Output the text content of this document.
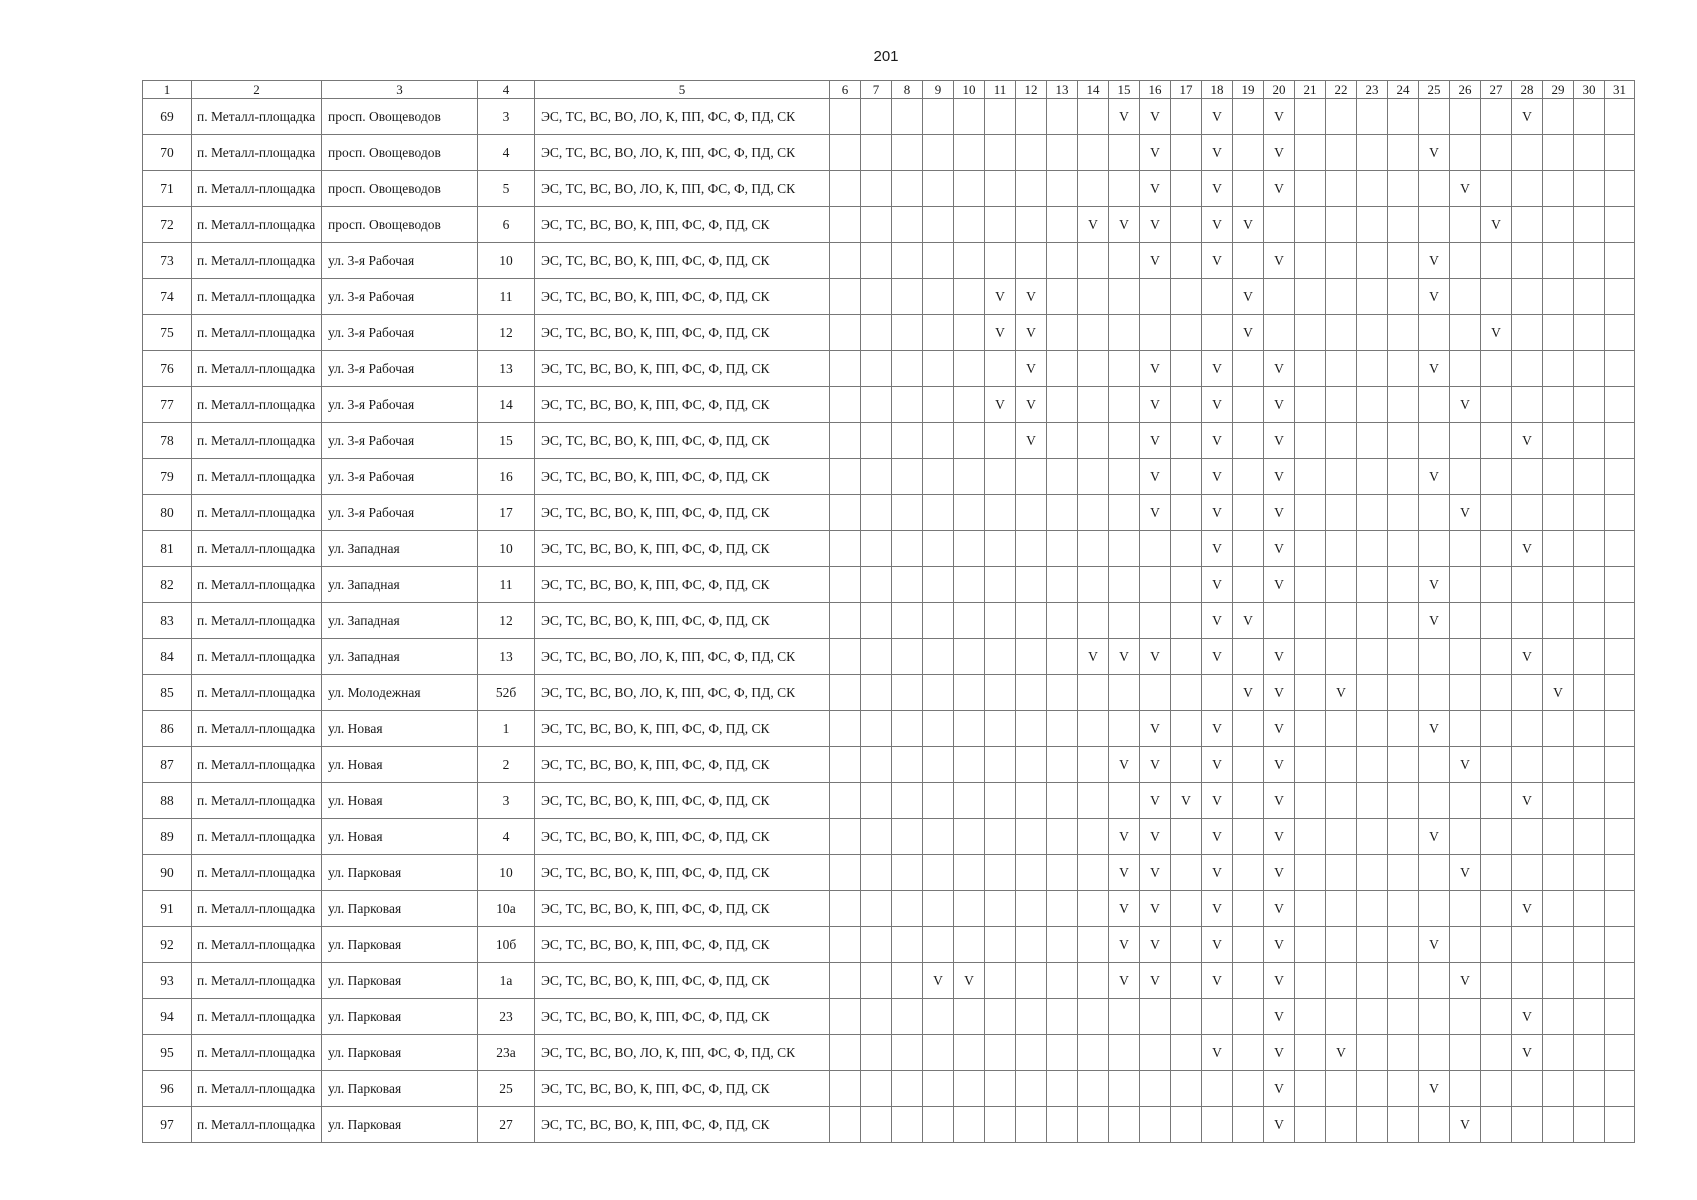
201
1	2	3	4	5	6	7	8	9	10	11	12	13	14	15	16	17	18	19	20	21	22	23	24	25	26	27	28	29	30	31
69	п. Металл-площадка	просп. Овощеводов	3	ЭС, ТС, ВС, ВО, ЛО, К, ПП, ФС, Ф, ПД, СК										V	V		V		V								V			
70	п. Металл-площадка	просп. Овощеводов	4	ЭС, ТС, ВС, ВО, ЛО, К, ПП, ФС, Ф, ПД, СК											V		V		V					V						
71	п. Металл-площадка	просп. Овощеводов	5	ЭС, ТС, ВС, ВО, ЛО, К, ПП, ФС, Ф, ПД, СК											V		V		V						V					
72	п. Металл-площадка	просп. Овощеводов	6	ЭС, ТС, ВС, ВО, К, ПП, ФС, Ф, ПД, СК									V	V	V		V	V								V				
73	п. Металл-площадка	ул. 3-я Рабочая	10	ЭС, ТС, ВС, ВО, К, ПП, ФС, Ф, ПД, СК											V		V		V					V						
74	п. Металл-площадка	ул. 3-я Рабочая	11	ЭС, ТС, ВС, ВО, К, ПП, ФС, Ф, ПД, СК						V	V							V						V						
75	п. Металл-площадка	ул. 3-я Рабочая	12	ЭС, ТС, ВС, ВО, К, ПП, ФС, Ф, ПД, СК						V	V							V								V				
76	п. Металл-площадка	ул. 3-я Рабочая	13	ЭС, ТС, ВС, ВО, К, ПП, ФС, Ф, ПД, СК							V				V		V		V					V						
77	п. Металл-площадка	ул. 3-я Рабочая	14	ЭС, ТС, ВС, ВО, К, ПП, ФС, Ф, ПД, СК						V	V				V		V		V						V					
78	п. Металл-площадка	ул. 3-я Рабочая	15	ЭС, ТС, ВС, ВО, К, ПП, ФС, Ф, ПД, СК							V				V		V		V								V			
79	п. Металл-площадка	ул. 3-я Рабочая	16	ЭС, ТС, ВС, ВО, К, ПП, ФС, Ф, ПД, СК											V		V		V					V						
80	п. Металл-площадка	ул. 3-я Рабочая	17	ЭС, ТС, ВС, ВО, К, ПП, ФС, Ф, ПД, СК											V		V		V						V					
81	п. Металл-площадка	ул. Западная	10	ЭС, ТС, ВС, ВО, К, ПП, ФС, Ф, ПД, СК													V		V								V			
82	п. Металл-площадка	ул. Западная	11	ЭС, ТС, ВС, ВО, К, ПП, ФС, Ф, ПД, СК													V		V					V						
83	п. Металл-площадка	ул. Западная	12	ЭС, ТС, ВС, ВО, К, ПП, ФС, Ф, ПД, СК													V	V						V						
84	п. Металл-площадка	ул. Западная	13	ЭС, ТС, ВС, ВО, ЛО, К, ПП, ФС, Ф, ПД, СК									V	V	V		V		V								V			
85	п. Металл-площадка	ул. Молодежная	52б	ЭС, ТС, ВС, ВО, ЛО, К, ПП, ФС, Ф, ПД, СК														V	V		V							V		
86	п. Металл-площадка	ул. Новая	1	ЭС, ТС, ВС, ВО, К, ПП, ФС, Ф, ПД, СК											V		V		V					V						
87	п. Металл-площадка	ул. Новая	2	ЭС, ТС, ВС, ВО, К, ПП, ФС, Ф, ПД, СК										V	V		V		V						V					
88	п. Металл-площадка	ул. Новая	3	ЭС, ТС, ВС, ВО, К, ПП, ФС, Ф, ПД, СК											V	V	V		V								V			
89	п. Металл-площадка	ул. Новая	4	ЭС, ТС, ВС, ВО, К, ПП, ФС, Ф, ПД, СК										V	V		V		V					V						
90	п. Металл-площадка	ул. Парковая	10	ЭС, ТС, ВС, ВО, К, ПП, ФС, Ф, ПД, СК										V	V		V		V						V					
91	п. Металл-площадка	ул. Парковая	10а	ЭС, ТС, ВС, ВО, К, ПП, ФС, Ф, ПД, СК										V	V		V		V								V			
92	п. Металл-площадка	ул. Парковая	10б	ЭС, ТС, ВС, ВО, К, ПП, ФС, Ф, ПД, СК										V	V		V		V					V						
93	п. Металл-площадка	ул. Парковая	1а	ЭС, ТС, ВС, ВО, К, ПП, ФС, Ф, ПД, СК				V	V					V	V		V		V						V					
94	п. Металл-площадка	ул. Парковая	23	ЭС, ТС, ВС, ВО, К, ПП, ФС, Ф, ПД, СК															V								V			
95	п. Металл-площадка	ул. Парковая	23а	ЭС, ТС, ВС, ВО, ЛО, К, ПП, ФС, Ф, ПД, СК													V		V		V						V			
96	п. Металл-площадка	ул. Парковая	25	ЭС, ТС, ВС, ВО, К, ПП, ФС, Ф, ПД, СК															V					V						
97	п. Металл-площадка	ул. Парковая	27	ЭС, ТС, ВС, ВО, К, ПП, ФС, Ф, ПД, СК															V						V					
